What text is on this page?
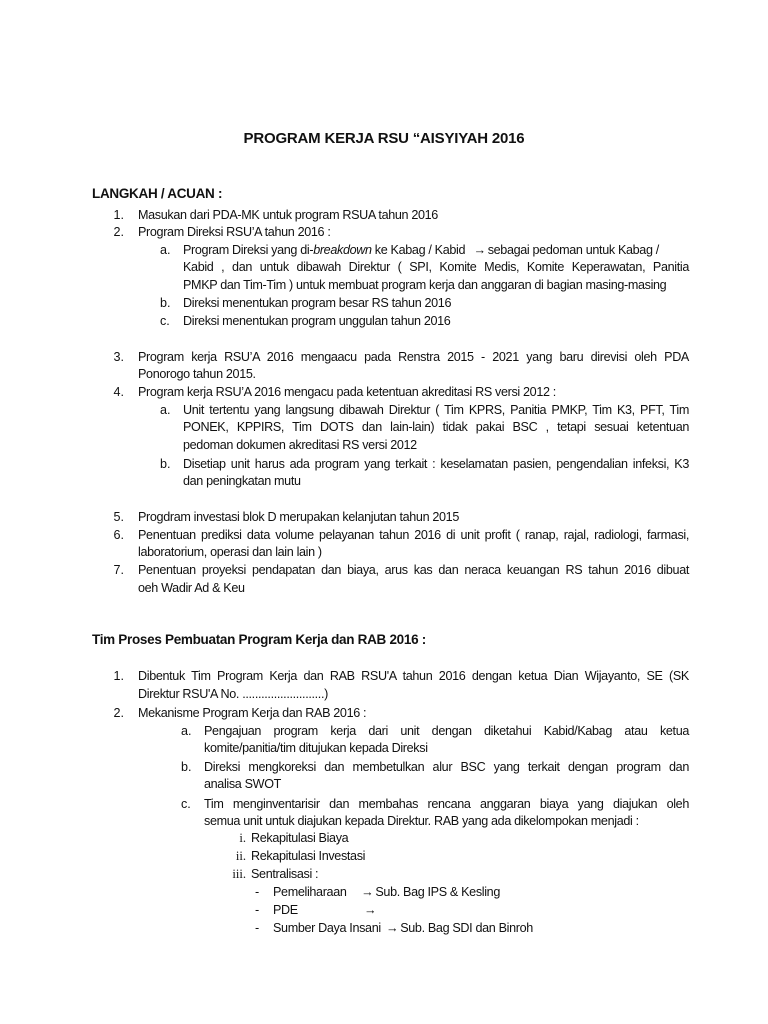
PROGRAM KERJA RSU “AISYIYAH 2016
LANGKAH / ACUAN :
1. Masukan dari PDA-MK untuk program RSUA tahun 2016
2. Program Direksi RSU’A tahun 2016 :
a. Program Direksi yang di-breakdown ke Kabag / Kabid → sebagai pedoman untuk Kabag /
Kabid , dan untuk dibawah Direktur ( SPI, Komite Medis, Komite Keperawatan, Panitia
PMKP dan Tim-Tim ) untuk membuat program kerja dan anggaran di bagian masing-masing
b. Direksi menentukan program besar RS tahun 2016
c. Direksi menentukan program unggulan tahun 2016
3. Program kerja RSU’A 2016 mengaacu pada Renstra 2015 - 2021 yang baru direvisi oleh PDA
Ponorogo tahun 2015.
4. Program kerja RSU’A 2016 mengacu pada ketentuan akreditasi RS versi 2012 :
a. Unit tertentu yang langsung dibawah Direktur ( Tim KPRS, Panitia PMKP, Tim K3, PFT, Tim
PONEK, KPPIRS, Tim DOTS dan lain-lain) tidak pakai BSC , tetapi sesuai ketentuan
pedoman dokumen akreditasi RS versi 2012
b. Disetiap unit harus ada program yang terkait : keselamatan pasien, pengendalian infeksi, K3
dan peningkatan mutu
5. Progdram investasi blok D merupakan kelanjutan tahun 2015
6. Penentuan prediksi data volume pelayanan tahun 2016 di unit profit ( ranap, rajal, radiologi, farmasi,
laboratorium, operasi dan lain lain )
7. Penentuan proyeksi pendapatan dan biaya, arus kas dan neraca keuangan RS tahun 2016 dibuat
oeh Wadir Ad & Keu
Tim Proses Pembuatan Program Kerja dan RAB 2016 :
1. Dibentuk Tim Program Kerja dan RAB RSU'A tahun 2016 dengan ketua Dian Wijayanto, SE (SK
Direktur RSU'A No. ..........................)
2. Mekanisme Program Kerja dan RAB 2016 :
a. Pengajuan program kerja dari unit dengan diketahui Kabid/Kabag atau ketua
komite/panitia/tim ditujukan kepada Direksi
b. Direksi mengkoreksi dan membetulkan alur BSC yang terkait dengan program dan
analisa SWOT
c. Tim menginventarisir dan membahas rencana anggaran biaya yang diajukan oleh
semua unit untuk diajukan kepada Direktur. RAB yang ada dikelompokan menjadi :
i. Rekapitulasi Biaya
ii. Rekapitulasi Investasi
iii. Sentralisasi :
- Pemeliharaan → Sub. Bag IPS & Kesling
- PDE	→
- Sumber Daya Insani → Sub. Bag SDI dan Binroh
